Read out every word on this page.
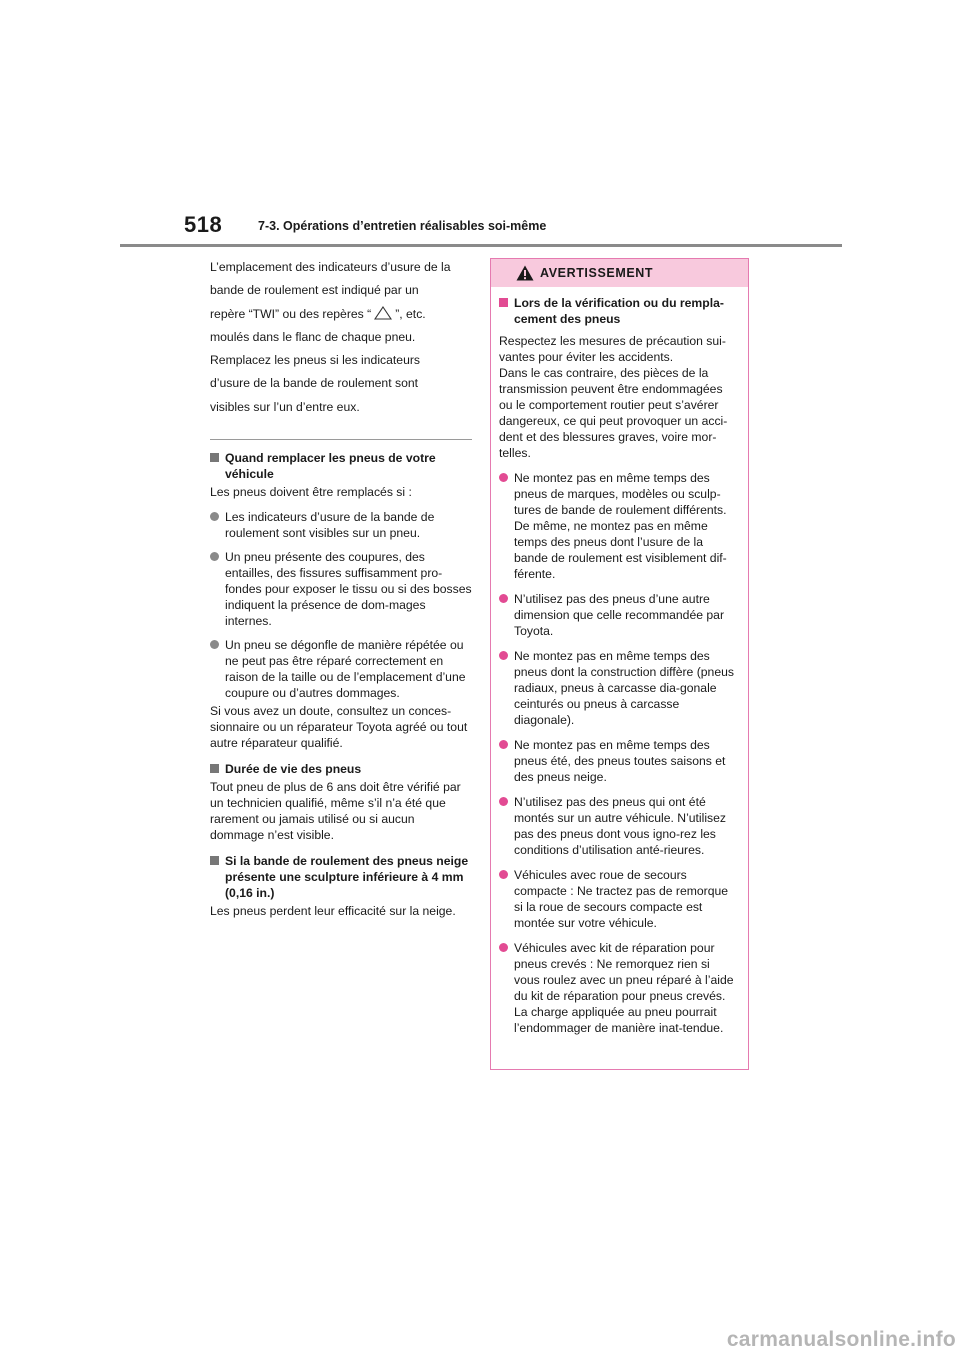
518	7-3. Opérations d’entretien réalisables soi-même

L’emplacement des indicateurs d’usure de la

bande de roulement est indiqué par un

repère “TWI” ou des repères “ ”, etc.

moulés dans le flanc de chaque pneu.

Remplacez les pneus si les indicateurs

d’usure de la bande de roulement sont

visibles sur l’un d’entre eux.

Quand remplacer les pneus de votre véhicule
Les pneus doivent être remplacés si :
Les indicateurs d’usure de la bande de roulement sont visibles sur un pneu.
Un pneu présente des coupures, des entailles, des fissures suffisamment pro-fondes pour exposer le tissu ou si des bosses indiquent la présence de dom-mages internes.
Un pneu se dégonfle de manière répétée ou ne peut pas être réparé correctement en raison de la taille ou de l’emplacement d’une coupure ou d’autres dommages.
Si vous avez un doute, consultez un conces-sionnaire ou un réparateur Toyota agréé ou tout autre réparateur qualifié.
Durée de vie des pneus
Tout pneu de plus de 6 ans doit être vérifié par un technicien qualifié, même s’il n’a été que rarement ou jamais utilisé ou si aucun dommage n’est visible.
Si la bande de roulement des pneus neige présente une sculpture inférieure à 4 mm (0,16 in.)
Les pneus perdent leur efficacité sur la neige.
AVERTISSEMENT
Lors de la vérification ou du rempla-cement des pneus
Respectez les mesures de précaution sui-vantes pour éviter les accidents.
Dans le cas contraire, des pièces de la transmission peuvent être endommagées ou le comportement routier peut s’avérer dangereux, ce qui peut provoquer un acci-dent et des blessures graves, voire mor-telles.
Ne montez pas en même temps des pneus de marques, modèles ou sculp-tures de bande de roulement différents. De même, ne montez pas en même temps des pneus dont l’usure de la bande de roulement est visiblement dif-férente.
N’utilisez pas des pneus d’une autre dimension que celle recommandée par Toyota.
Ne montez pas en même temps des pneus dont la construction diffère (pneus radiaux, pneus à carcasse dia-gonale ceinturés ou pneus à carcasse diagonale).
Ne montez pas en même temps des pneus été, des pneus toutes saisons et des pneus neige.
N’utilisez pas des pneus qui ont été montés sur un autre véhicule. N’utilisez pas des pneus dont vous igno-rez les conditions d’utilisation anté-rieures.
Véhicules avec roue de secours compacte : Ne tractez pas de remorque si la roue de secours compacte est montée sur votre véhicule.
Véhicules avec kit de réparation pour pneus crevés : Ne remorquez rien si vous roulez avec un pneu réparé à l’aide du kit de réparation pour pneus crevés. La charge appliquée au pneu pourrait l’endommager de manière inat-tendue.
carmanualsonline.info
